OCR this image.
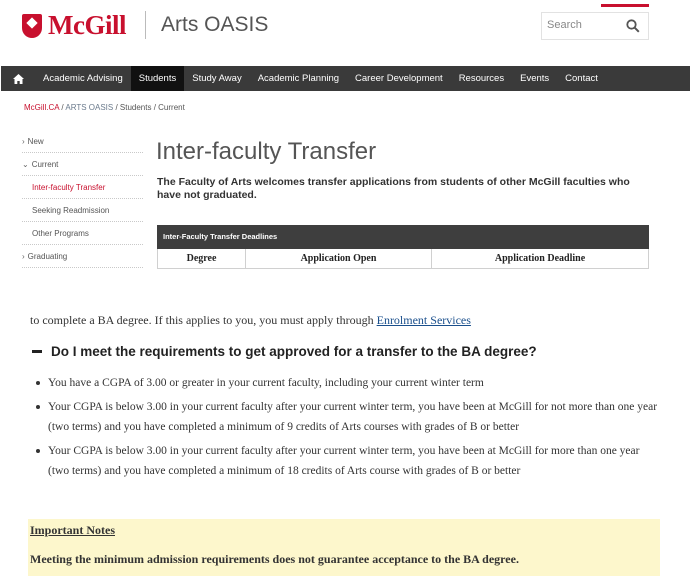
McGill Arts OASIS	Search
Academic Advising	Students	Study Away	Academic Planning	Career Development	Resources	Events	Contact
McGill.CA / ARTS OASIS / Students / Current
› New
⌄ Current
Inter-faculty Transfer
Seeking Readmission
Other Programs
› Graduating
Inter-faculty Transfer

The Faculty of Arts welcomes transfer applications from students of other McGill faculties who have not graduated.

Inter-Faculty Transfer Deadlines
Degree	Application Open	Application Deadline
to complete a BA degree. If this applies to you, you must apply through Enrolment Services
Do I meet the requirements to get approved for a transfer to the BA degree?
You have a CGPA of 3.00 or greater in your current faculty, including your current winter term
Your CGPA is below 3.00 in your current faculty after your current winter term, you have been at McGill for not more than one year (two terms) and you have completed a minimum of 9 credits of Arts courses with grades of B or better
Your CGPA is below 3.00 in your current faculty after your current winter term, you have been at McGill for more than one year (two terms) and you have completed a minimum of 18 credits of Arts course with grades of B or better
Important Notes
Meeting the minimum admission requirements does not guarantee acceptance to the BA degree.
